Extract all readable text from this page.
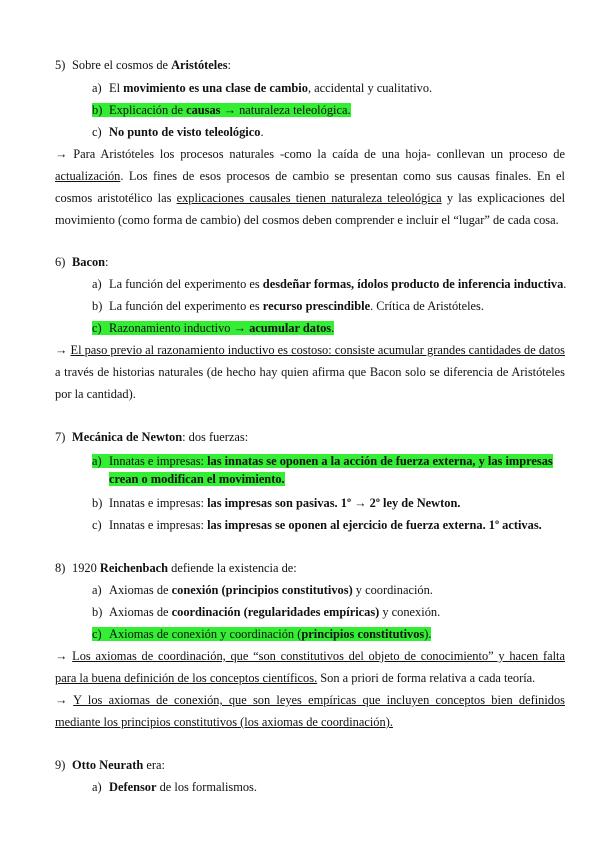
5) Sobre el cosmos de Aristóteles:
a) El movimiento es una clase de cambio, accidental y cualitativo.
b) Explicación de causas → naturaleza teleológica.
c) No punto de visto teleológico.
→ Para Aristóteles los procesos naturales -como la caída de una hoja- conllevan un proceso de actualización. Los fines de esos procesos de cambio se presentan como sus causas finales. En el cosmos aristotélico las explicaciones causales tienen naturaleza teleológica y las explicaciones del movimiento (como forma de cambio) del cosmos deben comprender e incluir el “lugar” de cada cosa.
6) Bacon:
a) La función del experimento es desdeñar formas, ídolos producto de inferencia inductiva.
b) La función del experimento es recurso prescindible. Crítica de Aristóteles.
c) Razonamiento inductivo → acumular datos.
→ El paso previo al razonamiento inductivo es costoso: consiste acumular grandes cantidades de datos a través de historias naturales (de hecho hay quien afirma que Bacon solo se diferencia de Aristóteles por la cantidad).
7) Mecánica de Newton: dos fuerzas:
a) Innatas e impresas: las innatas se oponen a la acción de fuerza externa, y las impresas crean o modifican el movimiento.
b) Innatas e impresas: las impresas son pasivas. 1º → 2º ley de Newton.
c) Innatas e impresas: las impresas se oponen al ejercicio de fuerza externa. 1º activas.
8) 1920 Reichenbach defiende la existencia de:
a) Axiomas de conexión (principios constitutivos) y coordinación.
b) Axiomas de coordinación (regularidades empíricas) y conexión.
c) Axiomas de conexión y coordinación (principios constitutivos).
→ Los axiomas de coordinación, que “son constitutivos del objeto de conocimiento” y hacen falta para la buena definición de los conceptos científicos. Son a priori de forma relativa a cada teoría.
→ Y los axiomas de conexión, que son leyes empíricas que incluyen conceptos bien definidos mediante los principios constitutivos (los axiomas de coordinación).
9) Otto Neurath era:
a) Defensor de los formalismos.
